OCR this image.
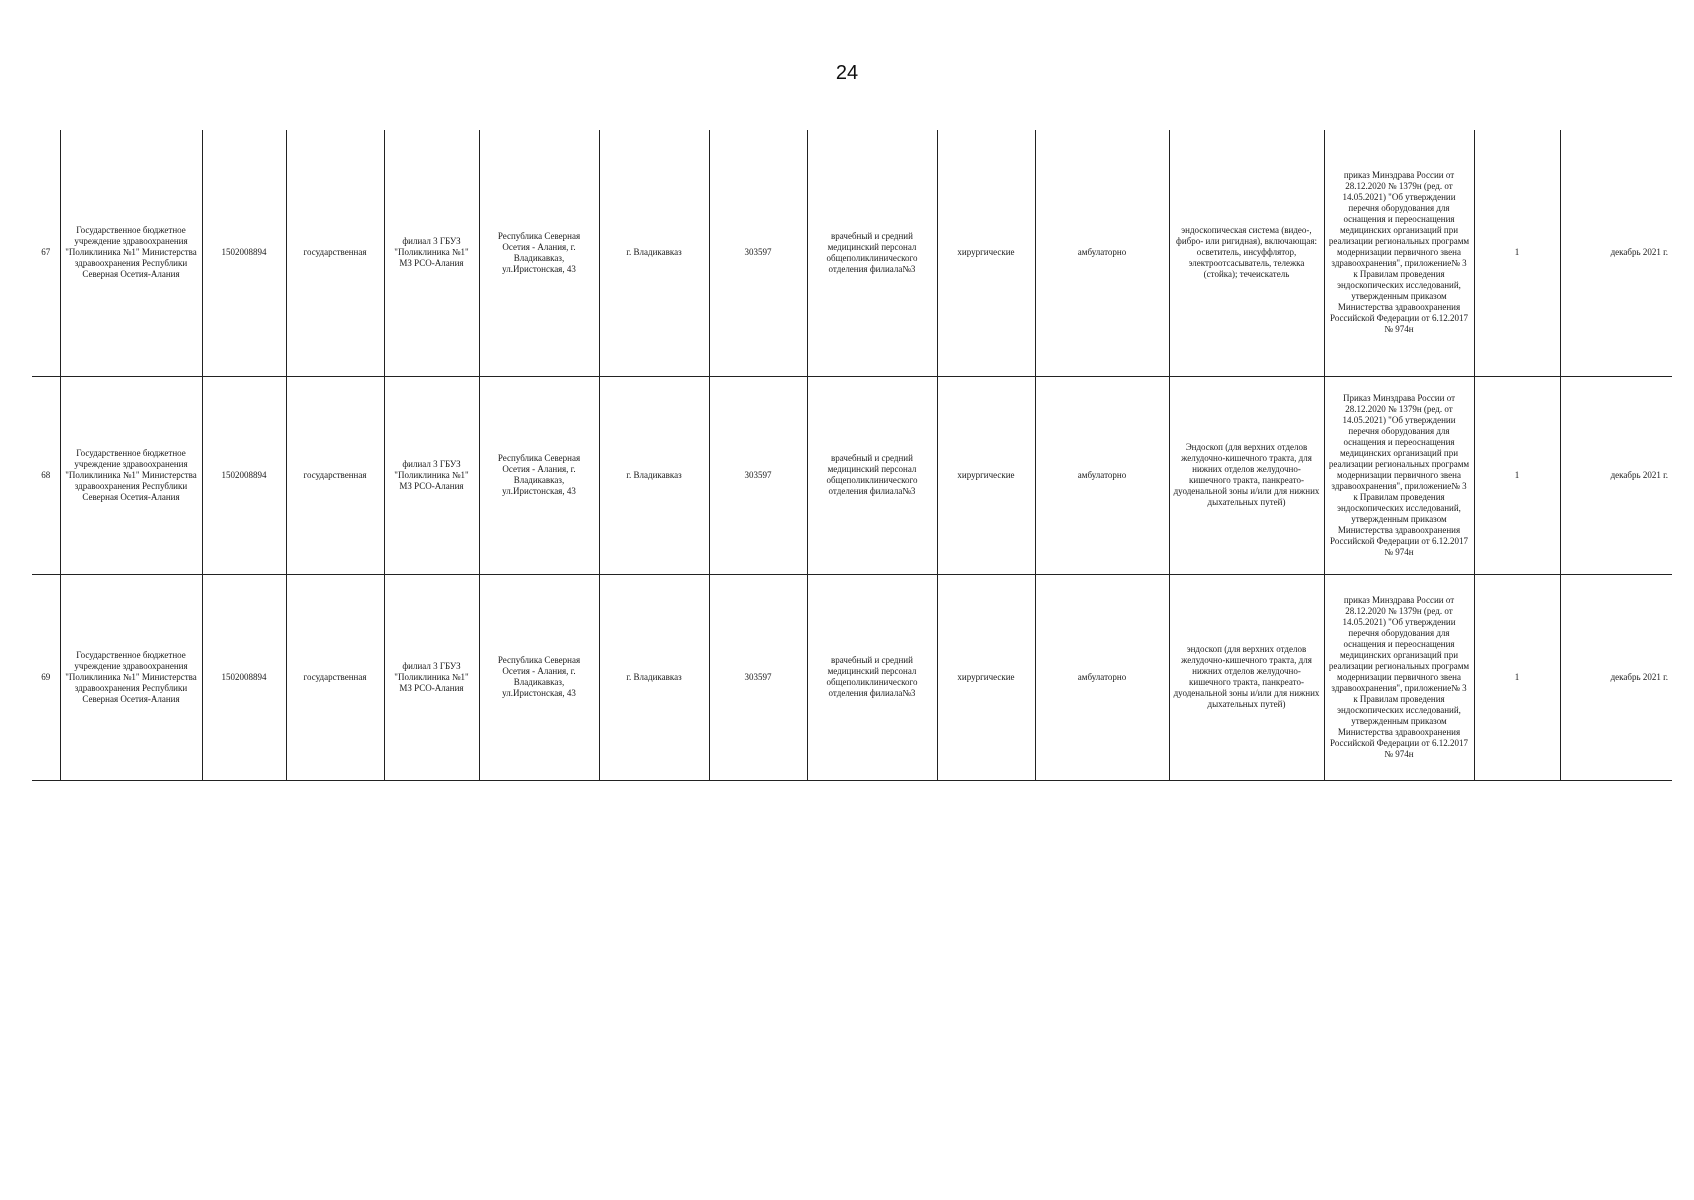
24
67	Государственное бюджетное учреждение здравоохранения "Поликлиника №1" Министерства здравоохранения Республики Северная Осетия-Алания	1502008894	государственная	филиал 3 ГБУЗ "Поликлиника №1" МЗ РСО-Алания	Республика Северная Осетия - Алания, г. Владикавказ, ул.Иристонская, 43	г. Владикавказ	303597	врачебный и средний медицинский персонал общеполиклинического отделения филиала№3	хирургические	амбулаторно	эндоскопическая система (видео-, фибро- или ригидная), включающая: осветитель, инсуффлятор, электроотсасыватель, тележка (стойка); течеискатель	приказ Минздрава России от 28.12.2020 № 1379н (ред. от 14.05.2021) "Об утверждении перечня оборудования для оснащения и переоснащения медицинских организаций при реализации региональных программ модернизации первичного звена здравоохранения", приложение№ 3 к Правилам проведения эндоскопических исследований, утвержденным приказом Министерства здравоохранения Российской Федерации от 6.12.2017 № 974н	1	декабрь 2021 г.
68	Государственное бюджетное учреждение здравоохранения "Поликлиника №1" Министерства здравоохранения Республики Северная Осетия-Алания	1502008894	государственная	филиал 3 ГБУЗ "Поликлиника №1" МЗ РСО-Алания	Республика Северная Осетия - Алания, г. Владикавказ, ул.Иристонская, 43	г. Владикавказ	303597	врачебный и средний медицинский персонал общеполиклинического отделения филиала№3	хирургические	амбулаторно	Эндоскоп (для верхних отделов желудочно-кишечного тракта, для нижних отделов желудочно-кишечного тракта, панкреато-дуоденальной зоны и/или для нижних дыхательных путей)	Приказ Минздрава России от 28.12.2020 № 1379н (ред. от 14.05.2021) "Об утверждении перечня оборудования для оснащения и переоснащения медицинских организаций при реализации региональных программ модернизации первичного звена здравоохранения", приложение№ 3 к Правилам проведения эндоскопических исследований, утвержденным приказом Министерства здравоохранения Российской Федерации от 6.12.2017 № 974н	1	декабрь 2021 г.
69	Государственное бюджетное учреждение здравоохранения "Поликлиника №1" Министерства здравоохранения Республики Северная Осетия-Алания	1502008894	государственная	филиал 3 ГБУЗ "Поликлиника №1" МЗ РСО-Алания	Республика Северная Осетия - Алания, г. Владикавказ, ул.Иристонская, 43	г. Владикавказ	303597	врачебный и средний медицинский персонал общеполиклинического отделения филиала№3	хирургические	амбулаторно	эндоскоп (для верхних отделов желудочно-кишечного тракта, для нижних отделов желудочно-кишечного тракта, панкреато-дуоденальной зоны и/или для нижних дыхательных путей)	приказ Минздрава России от 28.12.2020 № 1379н (ред. от 14.05.2021) "Об утверждении перечня оборудования для оснащения и переоснащения медицинских организаций при реализации региональных программ модернизации первичного звена здравоохранения", приложение№ 3 к Правилам проведения эндоскопических исследований, утвержденным приказом Министерства здравоохранения Российской Федерации от 6.12.2017 № 974н	1	декабрь 2021 г.
